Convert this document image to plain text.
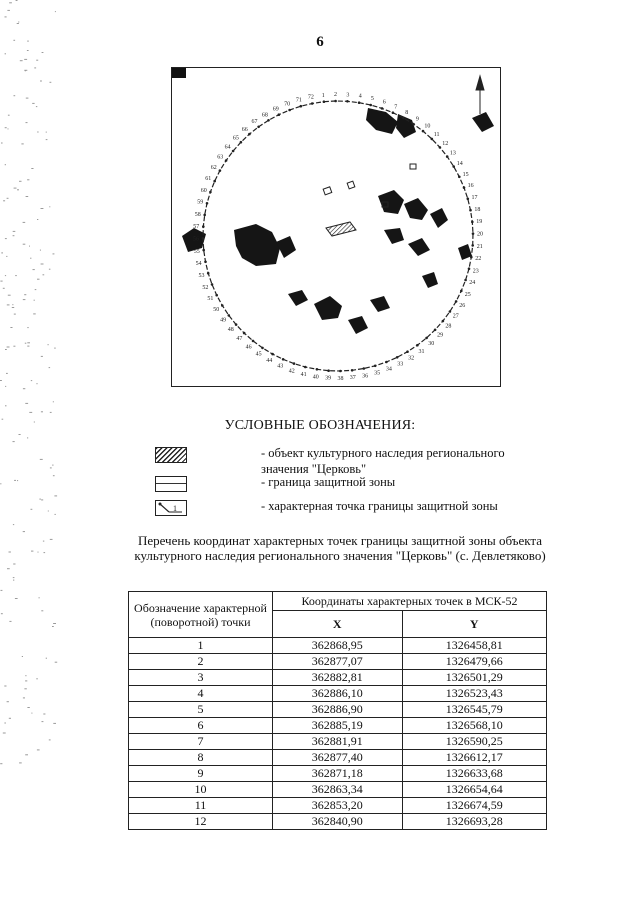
6
1 2 3 4 5
6
7
8
9
10
11
12
13
14
15
16
17
18
19
20
21
22
23
24
25
26
27
28
29
30
31
32
33
34
35
36
37
38
39
40
41
42
43
44
45
46
47
48
49
50
51
52
53
54
55
56
57
58
59
60
61
62
63
64
65
66
67
68
69
70
71 72
УСЛОВНЫЕ ОБОЗНАЧЕНИЯ:
- объект культурного наследия регионального значения "Церковь"
- граница защитной зоны
1	- характерная точка границы защитной зоны
Перечень координат характерных точек границы защитной зоны объекта культурного наследия регионального значения "Церковь" (с. Девлетяково)
Обозначение характерной (поворотной) точки	Координаты характерных точек в МСК-52	
	X	Y
1	362868,95	1326458,81
2	362877,07	1326479,66
3	362882,81	1326501,29
4	362886,10	1326523,43
5	362886,90	1326545,79
6	362885,19	1326568,10
7	362881,91	1326590,25
8	362877,40	1326612,17
9	362871,18	1326633,68
10	362863,34	1326654,64
11	362853,20	1326674,59
12	362840,90	1326693,28
